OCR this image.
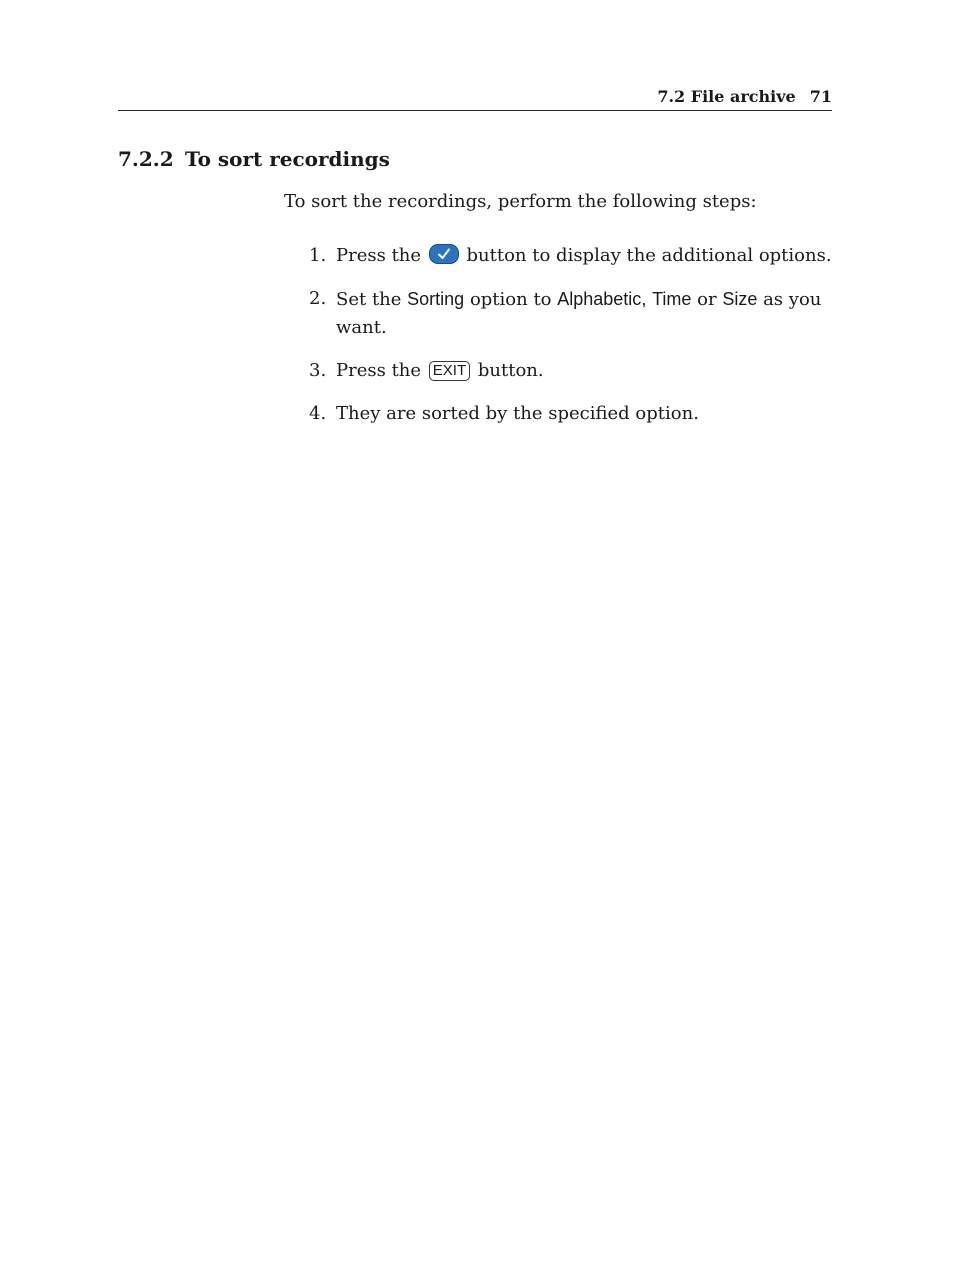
7.2 File archive 71
7.2.2 To sort recordings
To sort the recordings, perform the following steps:
1. Press the	button to display the additional options.
2. Set the Sorting option to Alphabetic, Time or Size as you want.
3. Press the EXIT button.
4. They are sorted by the specified option.
